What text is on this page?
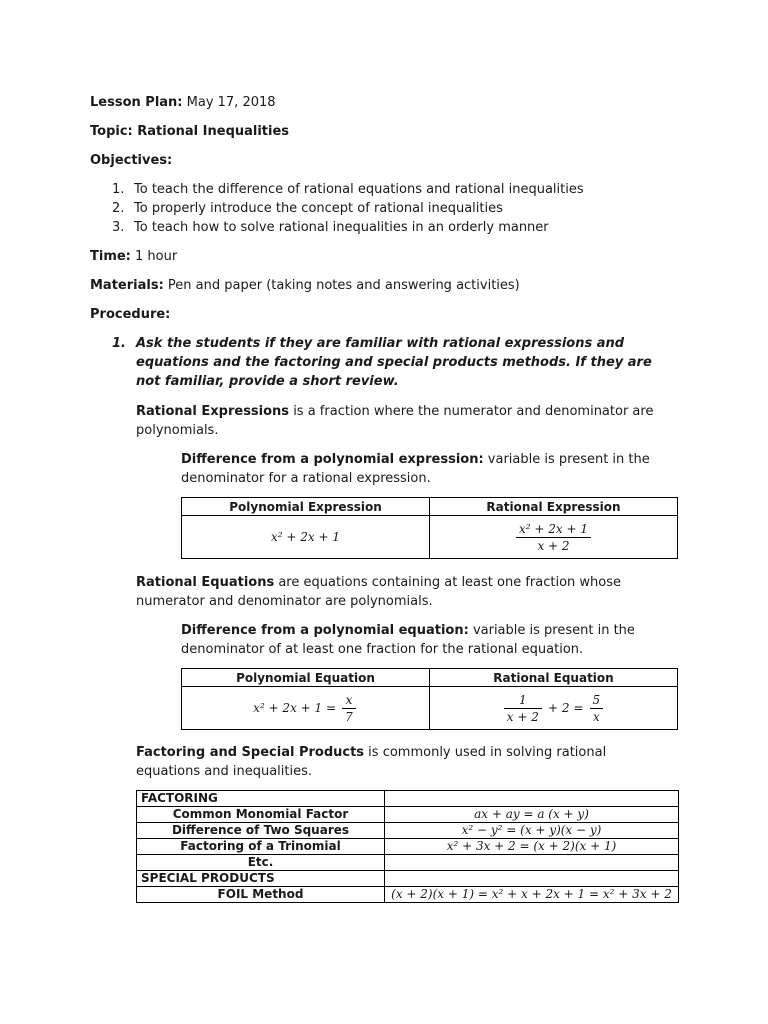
Lesson Plan: May 17, 2018
Topic: Rational Inequalities
Objectives:
1. To teach the difference of rational equations and rational inequalities
2. To properly introduce the concept of rational inequalities
3. To teach how to solve rational inequalities in an orderly manner
Time: 1 hour
Materials: Pen and paper (taking notes and answering activities)
Procedure:
1. Ask the students if they are familiar with rational expressions and equations and the factoring and special products methods. If they are not familiar, provide a short review.
Rational Expressions is a fraction where the numerator and denominator are polynomials.
Difference from a polynomial expression: variable is present in the denominator for a rational expression.
Polynomial Expression	Rational Expression
x² + 2x + 1	$\frac{\text{x² + 2x + 1}}{x + 2}$
Rational Equations are equations containing at least one fraction whose numerator and denominator are polynomials.
Difference from a polynomial equation: variable is present in the denominator of at least one fraction for the rational equation.
Polynomial Equation	Rational Equation
$x^2 + 2x + 1 = \frac{x}{7}$	$\frac{1}{x + 2} + 2 = \frac{5}{x}$
Factoring and Special Products is commonly used in solving rational equations and inequalities.
FACTORING	
Common Monomial Factor	ax + ay = a (x + y)
Difference of Two Squares	x² − y² = (x + y)(x − y)
Factoring of a Trinomial	x² + 3x + 2 = (x + 2)(x + 1)
Etc.	
SPECIAL PRODUCTS	
FOIL Method	(x + 2)(x + 1) = x² + x + 2x + 1 = x² + 3x + 2
